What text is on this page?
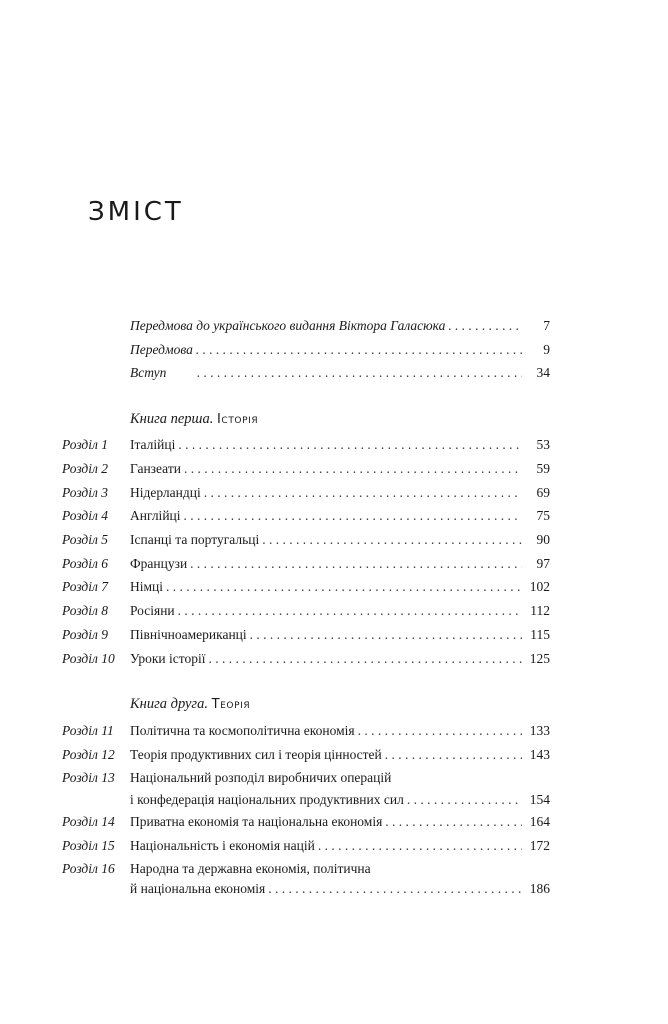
ЗМІСТ
Передмова до українського видання Віктора Галасюка . . .	7
Передмова . . .	9
Вступ . . .	34
Книга перша. Історія
Розділ 1 Італійці . . .	53
Розділ 2 Ганзеати . . .	59
Розділ 3 Нідерландці . . .	69
Розділ 4 Англійці . . .	75
Розділ 5 Іспанці та португальці . . .	90
Розділ 6 Французи . . .	97
Розділ 7 Німці . . .	102
Розділ 8 Росіяни . . .	112
Розділ 9 Північноамериканці . . .	115
Розділ 10 Уроки історії . . .	125
Книга друга. Теорія
Розділ 11 Політична та космополітична економія . . .	133
Розділ 12 Теорія продуктивних сил і теорія цінностей . . .	143
Розділ 13 Національний розподіл виробничих операцій
і конфедерація національних продуктивних сил . . .	154
Розділ 14 Приватна економія та національна економія . . .	164
Розділ 15 Національність і економія націй . . .	172
Розділ 16 Народна та державна економія, політична
й національна економія . . .	186
